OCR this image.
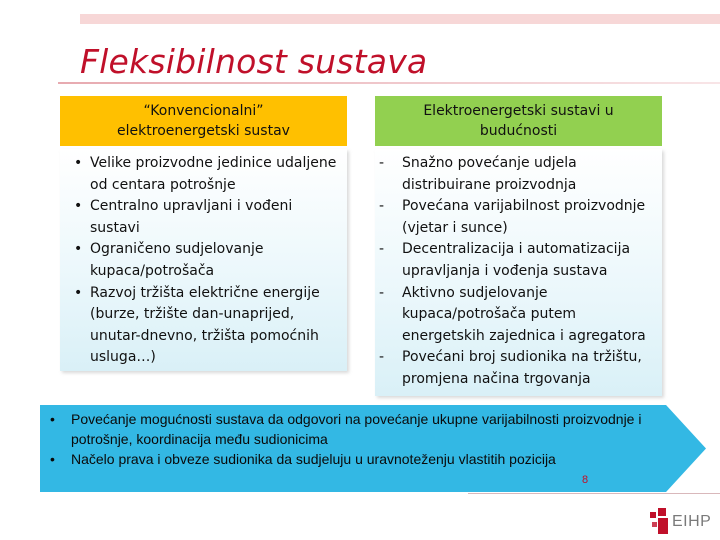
Fleksibilnost sustava
“Konvencionalni” elektroenergetski sustav
Elektroenergetski sustavi u budućnosti
• Velike proizvodne jedinice udaljene od centara potrošnje
• Centralno upravljani i vođeni sustavi
• Ograničeno sudjelovanje kupaca/potrošača
• Razvoj tržišta električne energije (burze, tržište dan-unaprijed, unutar-dnevno, tržišta pomoćnih usluga…)
- Snažno povećanje udjela distribuirane proizvodnja
- Povećana varijabilnost proizvodnje (vjetar i sunce)
- Decentralizacija i automatizacija upravljanja i vođenja sustava
- Aktivno sudjelovanje kupaca/potrošača putem energetskih zajednica i agregatora
- Povećani broj sudionika na tržištu, promjena načina trgovanja
• Povećanje mogućnosti sustava da odgovori na povećanje ukupne varijabilnosti proizvodnje i potrošnje, koordinacija među sudionicima
• Načelo prava i obveze sudionika da sudjeluju u uravnoteženju vlastitih pozicija
8
EIHP
